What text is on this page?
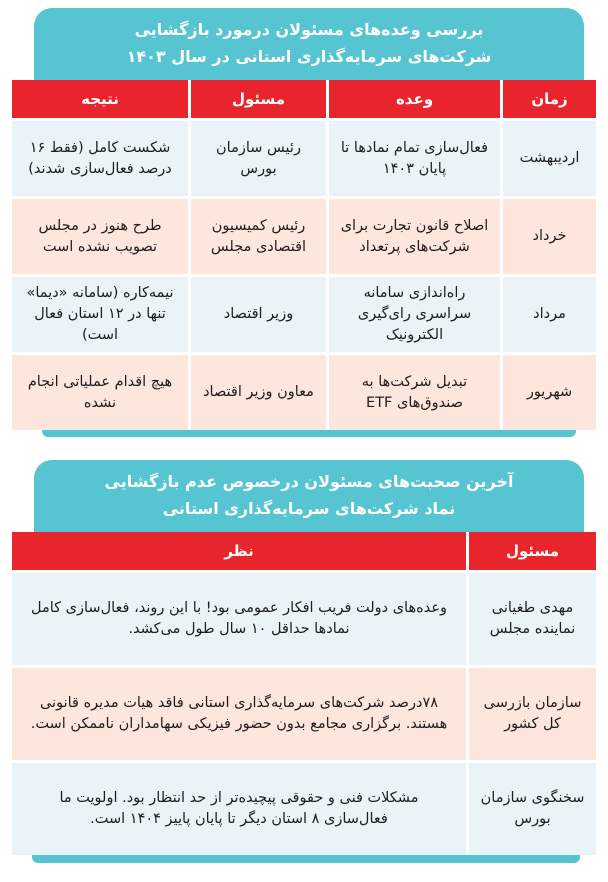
بررسی وعده‌های مسئولان درمورد بازگشایی
شرکت‌های سرمایه‌گذاری استانی در سال ۱۴۰۳
زمان
وعده
مسئول
نتیجه
اردیبهشت
فعال‌سازی تمام نمادها تا پایان ۱۴۰۳
رئیس سازمان بورس
شکست کامل (فقط ۱۶ درصد فعال‌سازی شدند)
خرداد
اصلاح قانون تجارت برای شرکت‌های پرتعداد
رئیس کمیسیون اقتصادی مجلس
طرح هنوز در مجلس تصویب نشده است
مرداد
راه‌اندازی سامانه سراسری رای‌گیری الکترونیک
وزیر اقتصاد
نیمه‌کاره (سامانه «دیما» تنها در ۱۲ استان فعال است)
شهریور
تبدیل شرکت‌ها به صندوق‌های ETF
معاون وزیر اقتصاد
هیچ اقدام عملیاتی انجام نشده
آخرین صحبت‌های مسئولان درخصوص عدم بازگشایی
نماد شرکت‌های سرمایه‌گذاری استانی
مسئول
نظر
مهدی طغیانی نماینده مجلس
وعده‌های دولت فریب افکار عمومی بود! با این روند، فعال‌سازی کامل نمادها حداقل ۱۰ سال طول می‌کشد.
سازمان بازرسی کل کشور
۷۸درصد شرکت‌های سرمایه‌گذاری استانی فاقد هیات مدیره قانونی هستند. برگزاری مجامع بدون حضور فیزیکی سهامداران ناممکن است.
سخنگوی سازمان بورس
مشکلات فنی و حقوقی پیچیده‌تر از حد انتظار بود. اولویت ما فعال‌سازی ۸ استان دیگر تا پایان پاییز ۱۴۰۴ است.
